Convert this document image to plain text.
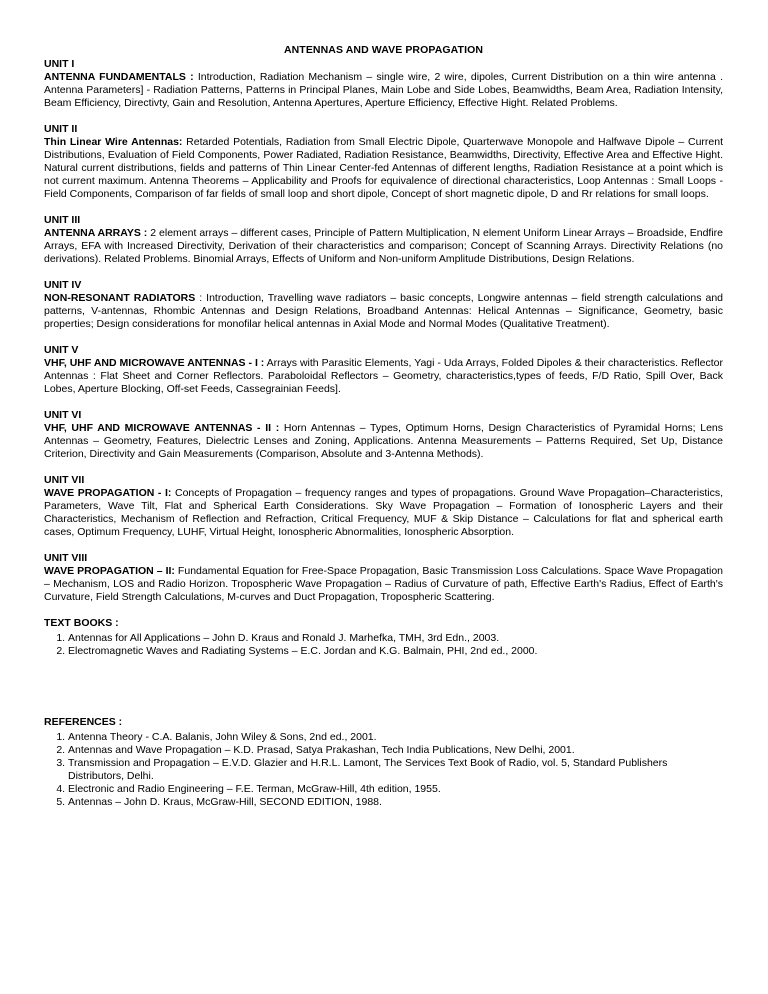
ANTENNAS AND WAVE PROPAGATION
UNIT I
ANTENNA FUNDAMENTALS : Introduction, Radiation Mechanism – single wire, 2 wire, dipoles, Current Distribution on a thin wire antenna . Antenna Parameters] - Radiation Patterns, Patterns in Principal Planes, Main Lobe and Side Lobes, Beamwidths, Beam Area, Radiation Intensity, Beam Efficiency, Directivty, Gain and Resolution, Antenna Apertures, Aperture Efficiency, Effective Hight. Related Problems.
UNIT II
Thin Linear Wire Antennas: Retarded Potentials, Radiation from Small Electric Dipole, Quarterwave Monopole and Halfwave Dipole – Current Distributions, Evaluation of Field Components, Power Radiated, Radiation Resistance, Beamwidths, Directivity, Effective Area and Effective Hight. Natural current distributions, fields and patterns of Thin Linear Center-fed Antennas of different lengths, Radiation Resistance at a point which is not current maximum. Antenna Theorems – Applicability and Proofs for equivalence of directional characteristics, Loop Antennas : Small Loops - Field Components, Comparison of far fields of small loop and short dipole, Concept of short magnetic dipole, D and Rr relations for small loops.
UNIT III
ANTENNA ARRAYS : 2 element arrays – different cases, Principle of Pattern Multiplication, N element Uniform Linear Arrays – Broadside, Endfire Arrays, EFA with Increased Directivity, Derivation of their characteristics and comparison; Concept of Scanning Arrays. Directivity Relations (no derivations). Related Problems. Binomial Arrays, Effects of Uniform and Non-uniform Amplitude Distributions, Design Relations.
UNIT IV
NON-RESONANT RADIATORS : Introduction, Travelling wave radiators – basic concepts, Longwire antennas – field strength calculations and patterns, V-antennas, Rhombic Antennas and Design Relations, Broadband Antennas: Helical Antennas – Significance, Geometry, basic properties; Design considerations for monofilar helical antennas in Axial Mode and Normal Modes (Qualitative Treatment).
UNIT V
VHF, UHF AND MICROWAVE ANTENNAS - I : Arrays with Parasitic Elements, Yagi - Uda Arrays, Folded Dipoles & their characteristics. Reflector Antennas : Flat Sheet and Corner Reflectors. Paraboloidal Reflectors – Geometry, characteristics,types of feeds, F/D Ratio, Spill Over, Back Lobes, Aperture Blocking, Off-set Feeds, Cassegrainian Feeds].
UNIT VI
VHF, UHF AND MICROWAVE ANTENNAS - II : Horn Antennas – Types, Optimum Horns, Design Characteristics of Pyramidal Horns; Lens Antennas – Geometry, Features, Dielectric Lenses and Zoning, Applications. Antenna Measurements – Patterns Required, Set Up, Distance Criterion, Directivity and Gain Measurements (Comparison, Absolute and 3-Antenna Methods).
UNIT VII
WAVE PROPAGATION - I: Concepts of Propagation – frequency ranges and types of propagations. Ground Wave Propagation–Characteristics, Parameters, Wave Tilt, Flat and Spherical Earth Considerations. Sky Wave Propagation – Formation of Ionospheric Layers and their Characteristics, Mechanism of Reflection and Refraction, Critical Frequency, MUF & Skip Distance – Calculations for flat and spherical earth cases, Optimum Frequency, LUHF, Virtual Height, Ionospheric Abnormalities, Ionospheric Absorption.
UNIT VIII
WAVE PROPAGATION – II: Fundamental Equation for Free-Space Propagation, Basic Transmission Loss Calculations. Space Wave Propagation – Mechanism, LOS and Radio Horizon. Tropospheric Wave Propagation – Radius of Curvature of path, Effective Earth's Radius, Effect of Earth's Curvature, Field Strength Calculations, M-curves and Duct Propagation, Tropospheric Scattering.
TEXT BOOKS :
1. Antennas for All Applications – John D. Kraus and Ronald J. Marhefka, TMH, 3rd Edn., 2003.
2. Electromagnetic Waves and Radiating Systems – E.C. Jordan and K.G. Balmain, PHI, 2nd ed., 2000.
REFERENCES :
1. Antenna Theory - C.A. Balanis, John Wiley & Sons, 2nd ed., 2001.
2. Antennas and Wave Propagation – K.D. Prasad, Satya Prakashan, Tech India Publications, New Delhi, 2001.
3. Transmission and Propagation – E.V.D. Glazier and H.R.L. Lamont, The Services Text Book of Radio, vol. 5, Standard Publishers Distributors, Delhi.
4. Electronic and Radio Engineering – F.E. Terman, McGraw-Hill, 4th edition, 1955.
5. Antennas – John D. Kraus, McGraw-Hill, SECOND EDITION, 1988.
